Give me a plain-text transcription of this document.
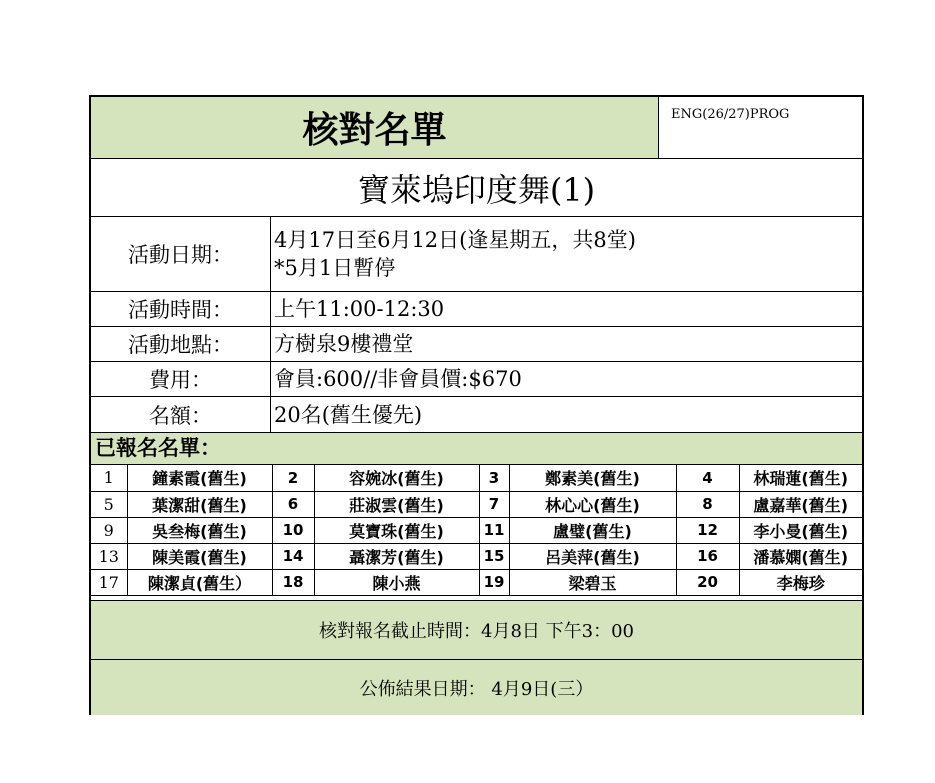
核對名單	ENG(26/27)PROG
寶萊塢印度舞(1)
活動日期：
4月17日至6月12日(逢星期五，共8堂)
*5月1日暫停
活動時間：	上午11:00-12:30
活動地點：	方樹泉9樓禮堂
費用：	會員:600//非會員價:$670
名額：	20名(舊生優先)
已報名名單：
1	鐘素霞(舊生)	2	容婉冰(舊生)	3	鄭素美(舊生)	4	林瑞蓮(舊生)
5	葉潔甜(舊生)	6	莊淑雲(舊生)	7	林心心(舊生)	8	盧嘉華(舊生)
9	吳叁梅(舊生)	10	莫寶珠(舊生)	11	盧璧(舊生)	12	李小曼(舊生)
13	陳美霞(舊生)	14	聶潔芳(舊生)	15	呂美萍(舊生)	16	潘慕嫻(舊生)
17	陳潔貞(舊生）	18	陳小燕	19	梁碧玉	20	李梅珍
核對報名截止時間：4月8日 下午3：00
公佈結果日期： 4月9日(三）
